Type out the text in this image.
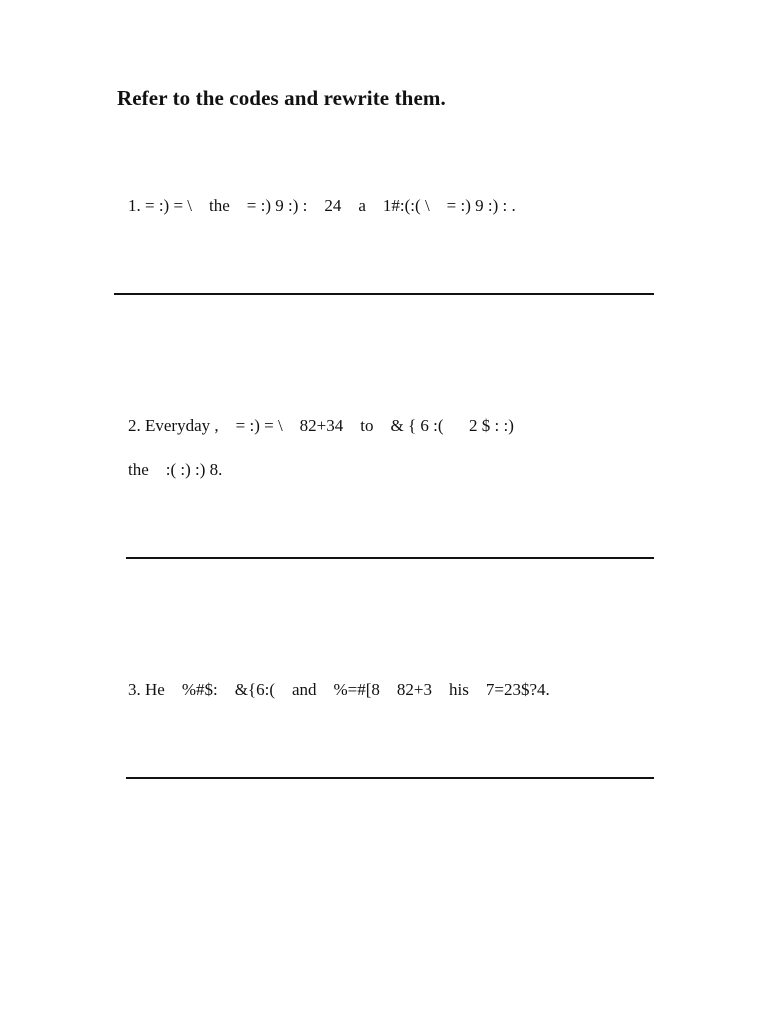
Refer to the codes and rewrite them.
1. = :) = \    the    = :) 9 :) :    24    a    1#:(:( \    = :) 9 :) : .
2. Everyday ,    = :) = \    82+34    to    & { 6 :(      2 $ : :)
the    :( :) :) 8.
3. He    %#$:    &{6:(    and    %=#[8    82+3    his    7=23$?4.
